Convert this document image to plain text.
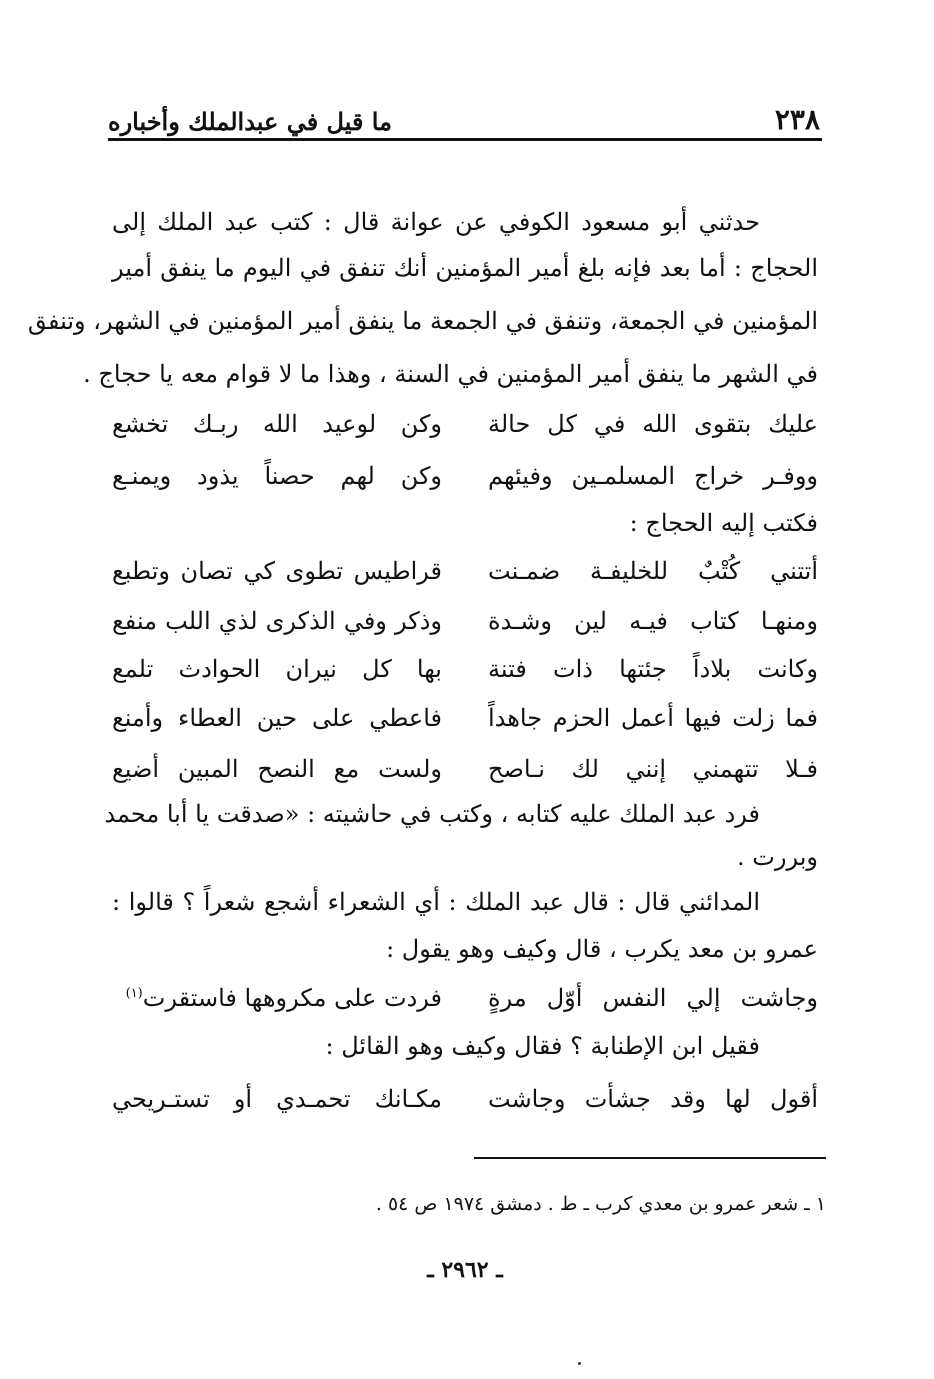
٢٣٨
ما قيل في عبدالملك وأخباره
حدثني أبو مسعود الكوفي عن عوانة قال : كتب عبد الملك إلى
الحجاج : أما بعد فإنه بلغ أمير المؤمنين أنك تنفق في اليوم ما ينفق أمير
المؤمنين في الجمعة، وتنفق في الجمعة ما ينفق أمير المؤمنين في الشهر، وتنفق
في الشهر ما ينفق أمير المؤمنين في السنة ، وهذا ما لا قوام معه يا حجاج .
عليك بتقوى الله في كل حالة
وكن لوعيد الله ربـك تخشع
ووفـر خراج المسلمـين وفيئهم
وكن لهم حصناً يذود ويمنـع
فكتب إليه الحجاج :
أتتني كُتْبٌ للخليفـة ضمـنت
قراطيس تطوى كي تصان وتطبع
ومنهـا كتاب فيـه لين وشـدة
وذكر وفي الذكرى لذي اللب منفع
وكانت بلاداً جئتها ذات فتنة
بها كل نيران الحوادث تلمع
فما زلت فيها أعمل الحزم جاهداً
فاعطي على حين العطاء وأمنع
فـلا تتهمني إنني لك نـاصح
ولست مع النصح المبين أضيع
فرد عبد الملك عليه كتابه ، وكتب في حاشيته : «صدقت يا أبا محمد
وبررت .
المدائني قال : قال عبد الملك : أي الشعراء أشجع شعراً ؟ قالوا :
عمرو بن معد يكرب ، قال وكيف وهو يقول :
وجاشت إلي النفس أوّل مرةٍ
فردت على مكروهها فاستقرت$^{(١)}$
فقيل ابن الإطنابة ؟ فقال وكيف وهو القائل :
أقول لها وقد جشأت وجاشت
مكـانك تحمـدي أو تستـريحي
١ ـ شعر عمرو بن معدي كرب ـ ط . دمشق ١٩٧٤ ص ٥٤ .
ـ ٢٩٦٢ ـ
